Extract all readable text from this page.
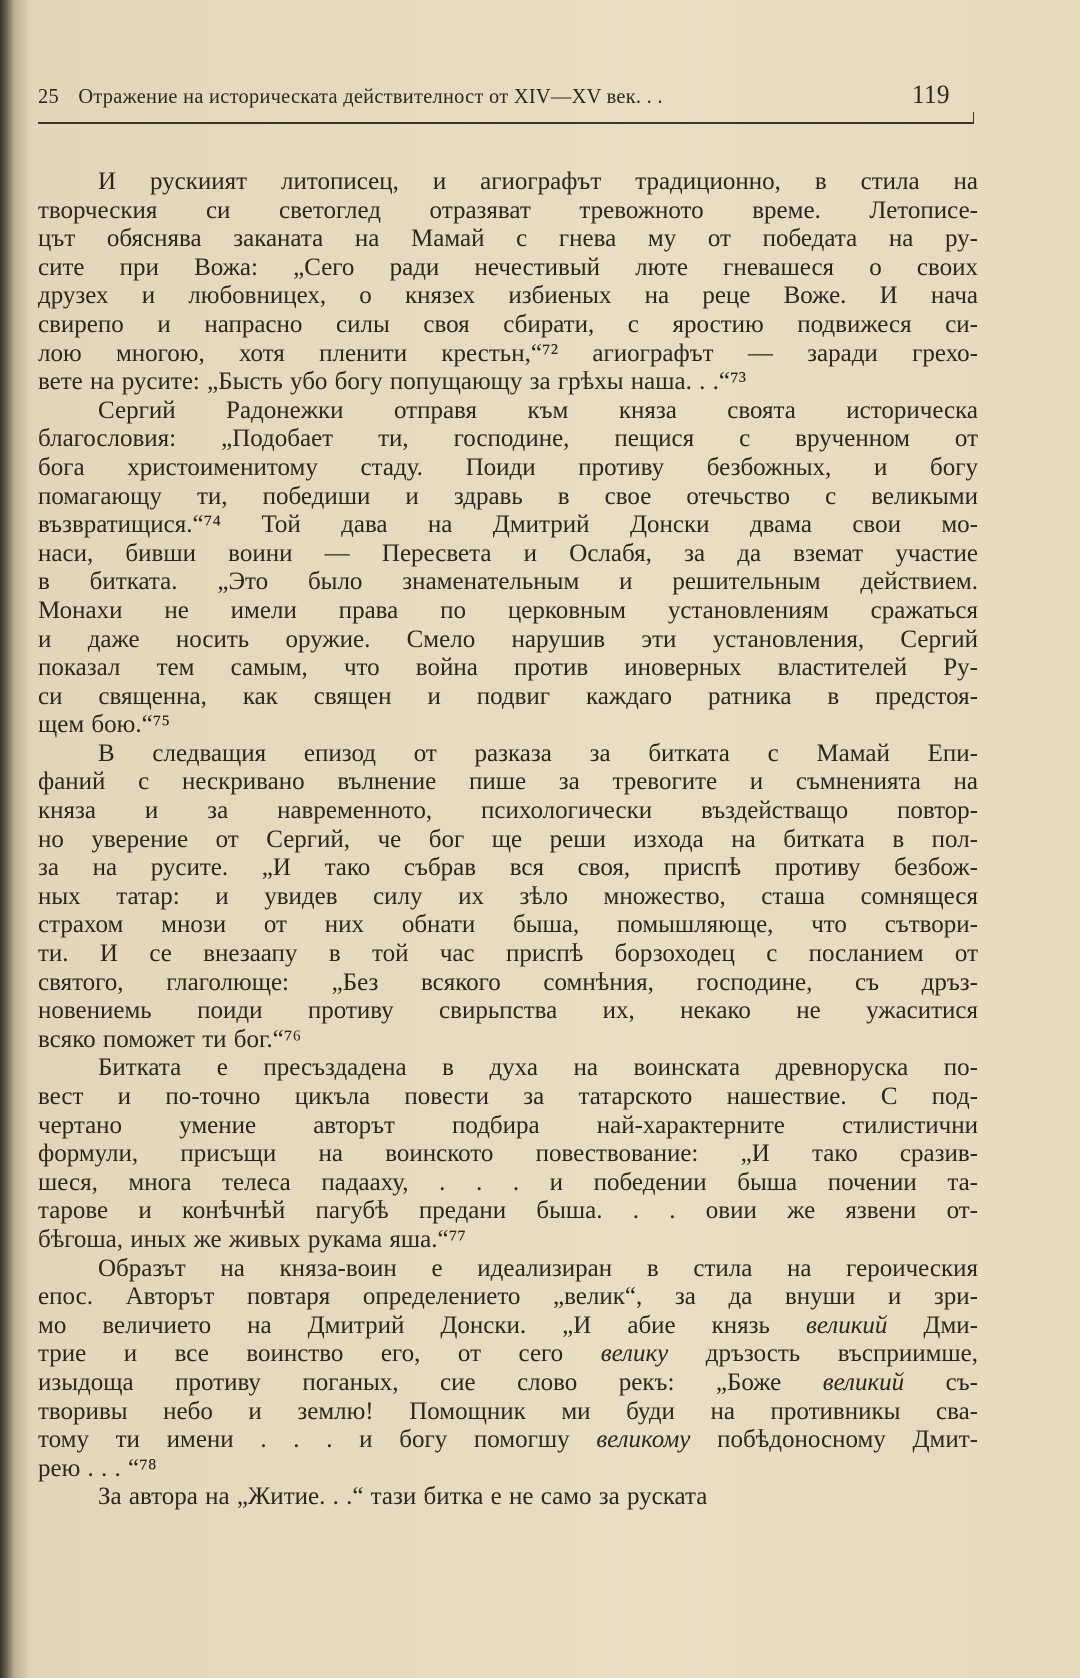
25 Отражение на историческата действителност от XIV—XV век. . .	119
И рускиият литописец, и агиографът традиционно, в стила на
творческия си светоглед отразяват тревожното време. Летописе-
цът обяснява заканата на Мамай с гнева му от победата на ру-
сите при Вожа: „Сего ради нечестивый люте гневашеся о своих
друзех и любовницех, о князех избиеных на реце Воже. И нача
свирепо и напрасно силы своя сбирати, с яростию подвижеся си-
лою многою, хотя пленити крестьн,“⁷² агиографът — заради грехо-
вете на русите: „Бысть убо богу попущающу за грѣхы наша. . .“⁷³
Сергий Радонежки отправя към княза своята историческа
благословия: „Подобает ти, господине, пещися с врученном от
бога христоименитому стаду. Поиди противу безбожных, и богу
помагающу ти, победиши и здравь в свое отечьство с великыми
възвратищися.“⁷⁴ Той дава на Дмитрий Донски двама свои мо-
наси, бивши воини — Пересвета и Ослабя, за да вземат участие
в битката. „Это было знаменательным и решительным действием.
Монахи не имели права по церковным установлениям сражаться
и даже носить оружие. Смело нарушив эти установления, Сергий
показал тем самым, что война против иноверных властителей Ру-
си священна, как священ и подвиг каждаго ратника в предстоя-
щем бою.“⁷⁵
В следващия епизод от разказа за битката с Мамай Епи-
фаний с нескривано вълнение пише за тревогите и съмненията на
княза и за навременното, психологически въздействащо повтор-
но уверение от Сергий, че бог ще реши изхода на битката в пол-
за на русите. „И тако събрав вся своя, приспѣ противу безбож-
ных татар: и увидев силу их зѣло множество, сташа сомнящеся
страхом мнози от них обнати быша, помышляюще, что сътвори-
ти. И се внезаапу в той час приспѣ борзоходец с посланием от
святого, глаголюще: „Без всякого сомнѣния, господине, съ дръз-
новениемь поиди противу свирьпства их, некако не ужаситися
всяко поможет ти бог.“⁷⁶
Битката е пресъздадена в духа на воинската древноруска по-
вест и по-точно цикъла повести за татарското нашествие. С под-
чертано умение авторът подбира най-характерните стилистични
формули, присъщи на воинското повествование: „И тако сразив-
шеся, многа телеса падааху, . . . и победении быша почении та-
тарове и конѣчнѣй пагубѣ предани быша. . . овии же язвени от-
бѣгоша, иных же живых рукама яша.“⁷⁷
Образът на княза-воин е идеализиран в стила на героическия
епос. Авторът повтаря определението „велик“, за да внуши и зри-
мо величието на Дмитрий Донски. „И абие князь великий Дми-
трие и все воинство его, от сего велику дръзость въсприимше,
изыдоща противу поганых, сие слово рекъ: „Боже великий съ-
творивы небо и землю! Помощник ми буди на противникы сва-
тому ти имени . . . и богу помогшу великому побѣдоносному Дмит-
рею . . . “⁷⁸
За автора на „Житие. . .“ тази битка е не само за руската
